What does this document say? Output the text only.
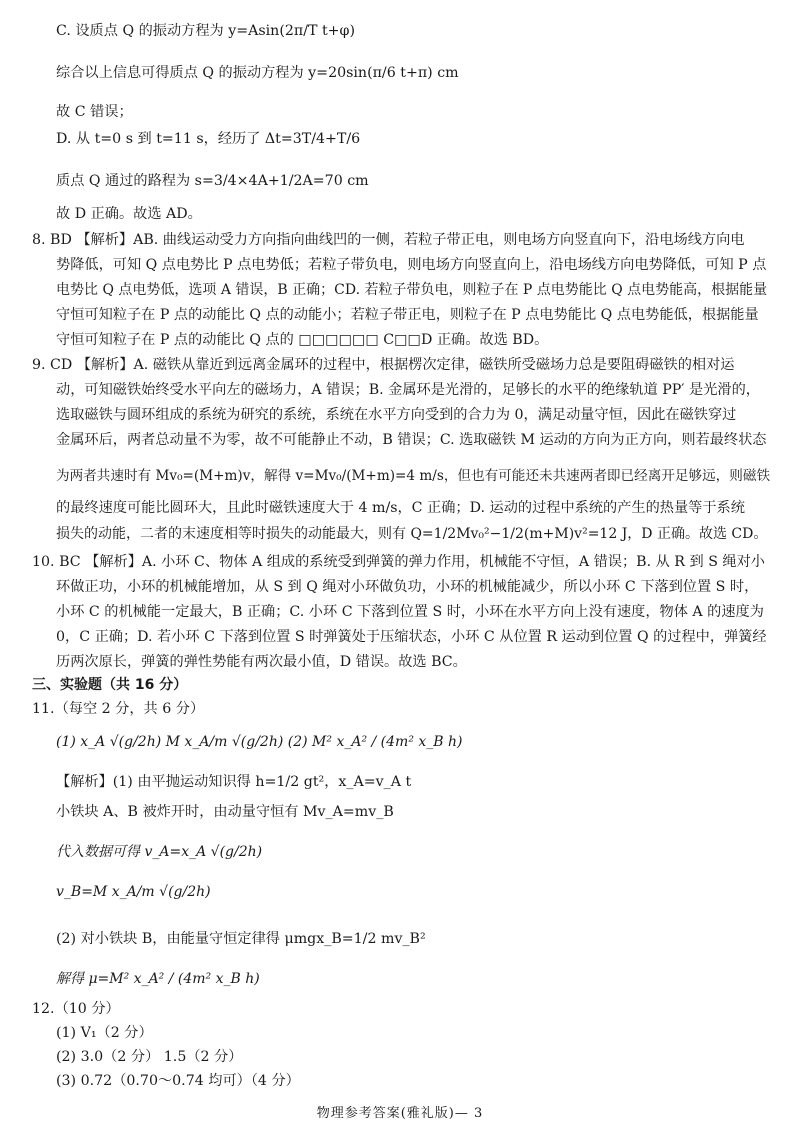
C. 设质点 Q 的振动方程为 y=Asin(2π/T t+φ)
综合以上信息可得质点 Q 的振动方程为 y=20sin(π/6 t+π) cm
故 C 错误；
D. 从 t=0 s 到 t=11 s，经历了 Δt=3T/4+T/6
质点 Q 通过的路程为 s=3/4×4A+1/2A=70 cm
故 D 正确。故选 AD。
8. BD 【解析】AB. 曲线运动受力方向指向曲线凹的一侧，若粒子带正电，则电场方向竖直向下，沿电场线方向电
势降低，可知 Q 点电势比 P 点电势低；若粒子带负电，则电场方向竖直向上，沿电场线方向电势降低，可知 P 点
电势比 Q 点电势低，选项 A 错误，B 正确；CD. 若粒子带负电，则粒子在 P 点电势能比 Q 点电势能高，根据能量
守恒可知粒子在 P 点的动能比 Q 点的动能小；若粒子带正电，则粒子在 P 点电势能比 Q 点电势能低，根据能量
守恒可知粒子在 P 点的动能比 Q 点的 □□□□□□ C□□D 正确。故选 BD。
9. CD 【解析】A. 磁铁从靠近到远离金属环的过程中，根据楞次定律，磁铁所受磁场力总是要阻碍磁铁的相对运
动，可知磁铁始终受水平向左的磁场力，A 错误；B. 金属环是光滑的，足够长的水平的绝缘轨道 PP′ 是光滑的，
选取磁铁与圆环组成的系统为研究的系统，系统在水平方向受到的合力为 0，满足动量守恒，因此在磁铁穿过
金属环后，两者总动量不为零，故不可能静止不动，B 错误；C. 选取磁铁 M 运动的方向为正方向，则若最终状态
为两者共速时有 Mv₀=(M+m)v，解得 v=Mv₀/(M+m)=4 m/s，但也有可能还未共速两者即已经离开足够远，则磁铁
的最终速度可能比圆环大，且此时磁铁速度大于 4 m/s，C 正确；D. 运动的过程中系统的产生的热量等于系统
损失的动能，二者的末速度相等时损失的动能最大，则有 Q=1/2Mv₀²−1/2(m+M)v²=12 J，D 正确。故选 CD。
10. BC 【解析】A. 小环 C、物体 A 组成的系统受到弹簧的弹力作用，机械能不守恒，A 错误；B. 从 R 到 S 绳对小
环做正功，小环的机械能增加，从 S 到 Q 绳对小环做负功，小环的机械能减少，所以小环 C 下落到位置 S 时，
小环 C 的机械能一定最大，B 正确；C. 小环 C 下落到位置 S 时，小环在水平方向上没有速度，物体 A 的速度为
0，C 正确；D. 若小环 C 下落到位置 S 时弹簧处于压缩状态，小环 C 从位置 R 运动到位置 Q 的过程中，弹簧经
历两次原长，弹簧的弹性势能有两次最小值，D 错误。故选 BC。
三、实验题（共 16 分）
11.（每空 2 分，共 6 分）
(1) x_A √(g/2h) M x_A/m √(g/2h) (2) M² x_A² / (4m² x_B h)
【解析】(1) 由平抛运动知识得 h=1/2 gt²，x_A=v_A t
小铁块 A、B 被炸开时，由动量守恒有 Mv_A=mv_B
代入数据可得 v_A=x_A √(g/2h)
v_B=M x_A/m √(g/2h)
(2) 对小铁块 B，由能量守恒定律得 μmgx_B=1/2 mv_B²
解得 μ=M² x_A² / (4m² x_B h)
12.（10 分）
(1) V₁（2 分）
(2) 3.0（2 分） 1.5（2 分）
(3) 0.72（0.70～0.74 均可）（4 分）
物理参考答案(雅礼版)— 3
